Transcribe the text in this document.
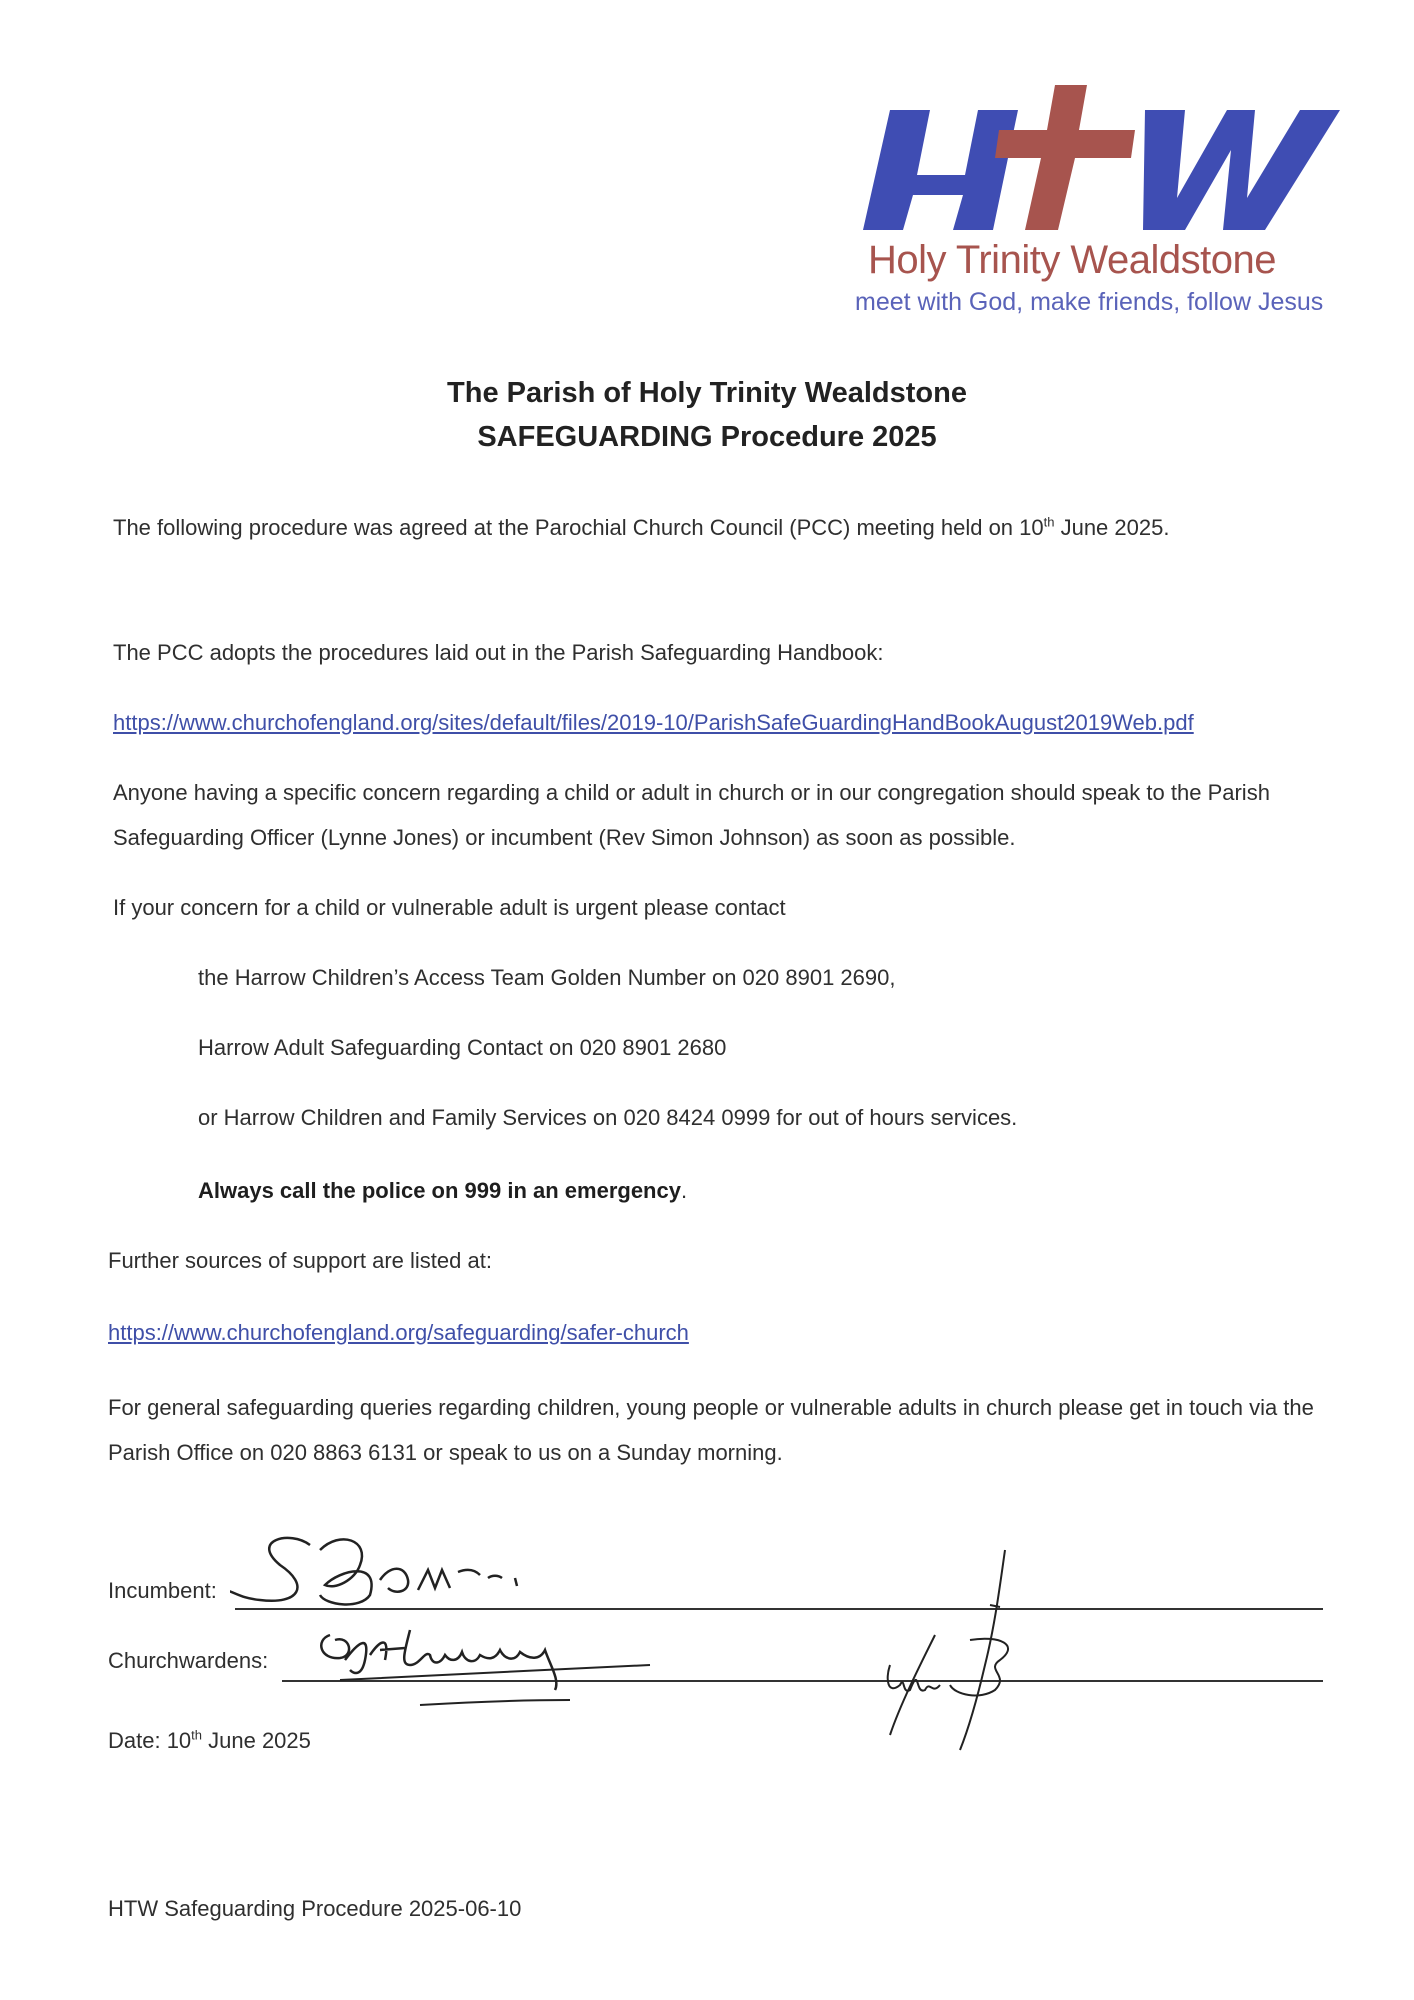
Holy Trinity Wealdstone
meet with God, make friends, follow Jesus
The Parish of Holy Trinity Wealdstone
SAFEGUARDING Procedure 2025
The following procedure was agreed at the Parochial Church Council (PCC) meeting held on 10th June 2025.
The PCC adopts the procedures laid out in the Parish Safeguarding Handbook:
https://www.churchofengland.org/sites/default/files/2019-10/ParishSafeGuardingHandBookAugust2019Web.pdf
Anyone having a specific concern regarding a child or adult in church or in our congregation should speak to the Parish Safeguarding Officer (Lynne Jones) or incumbent (Rev Simon Johnson) as soon as possible.
If your concern for a child or vulnerable adult is urgent please contact
the Harrow Children’s Access Team Golden Number on 020 8901 2690,
Harrow Adult Safeguarding Contact on 020 8901 2680
or Harrow Children and Family Services on 020 8424 0999 for out of hours services.
Always call the police on 999 in an emergency.
Further sources of support are listed at:
https://www.churchofengland.org/safeguarding/safer-church
For general safeguarding queries regarding children, young people or vulnerable adults in church please get in touch via the Parish Office on 020 8863 6131 or speak to us on a Sunday morning.
Incumbent:
Churchwardens:
Date: 10th June 2025
HTW Safeguarding Procedure 2025-06-10
